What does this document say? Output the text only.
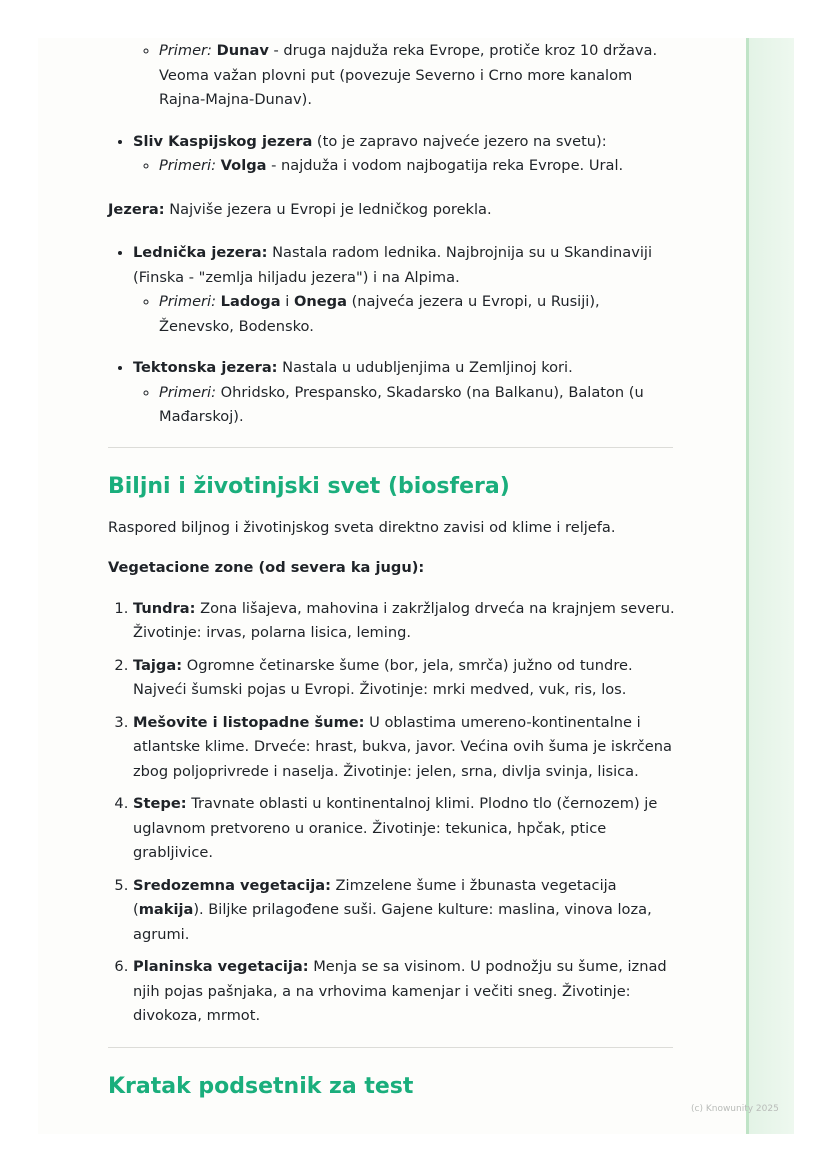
◦ Primer: Dunav - druga najduža reka Evrope, protiče kroz 10 država. Veoma važan plovni put (povezuje Severno i Crno more kanalom Rajna-Majna-Dunav).
• Sliv Kaspijskog jezera (to je zapravo najveće jezero na svetu):
◦ Primeri: Volga - najduža i vodom najbogatija reka Evrope. Ural.

Jezera: Najviše jezera u Evropi je ledničkog porekla.

• Lednička jezera: Nastala radom lednika. Najbrojnija su u Skandinaviji (Finska - "zemlja hiljadu jezera") i na Alpima.
◦ Primeri: Ladoga i Onega (najveća jezera u Evropi, u Rusiji), Ženevsko, Bodensko.
• Tektonska jezera: Nastala u udubljenjima u Zemljinoj kori.
◦ Primeri: Ohridsko, Prespansko, Skadarsko (na Balkanu), Balaton (u Mađarskoj).
Biljni i životinjski svet (biosfera)

Raspored biljnog i životinjskog sveta direktno zavisi od klime i reljefa.

Vegetacione zone (od severa ka jugu):

1. Tundra: Zona lišajeva, mahovina i zakržljalog drveća na krajnjem severu. Životinje: irvas, polarna lisica, leming.
2. Tajga: Ogromne četinarske šume (bor, jela, smrča) južno od tundre. Najveći šumski pojas u Evropi. Životinje: mrki medved, vuk, ris, los.
3. Mešovite i listopadne šume: U oblastima umereno-kontinentalne i atlantske klime. Drveće: hrast, bukva, javor. Većina ovih šuma je iskrčena zbog poljoprivrede i naselja. Životinje: jelen, srna, divlja svinja, lisica.
4. Stepe: Travnate oblasti u kontinentalnoj klimi. Plodno tlo (černozem) je uglavnom pretvoreno u oranice. Životinje: tekunica, hpčak, ptice grabljivice.
5. Sredozemna vegetacija: Zimzelene šume i žbunasta vegetacija (makija). Biljke prilagođene suši. Gajene kulture: maslina, vinova loza, agrumi.
6. Planinska vegetacija: Menja se sa visinom. U podnožju su šume, iznad njih pojas pašnjaka, a na vrhovima kamenjar i večiti sneg. Životinje: divokoza, mrmot.
Kratak podsetnik za test
(c) Knowunity 2025
